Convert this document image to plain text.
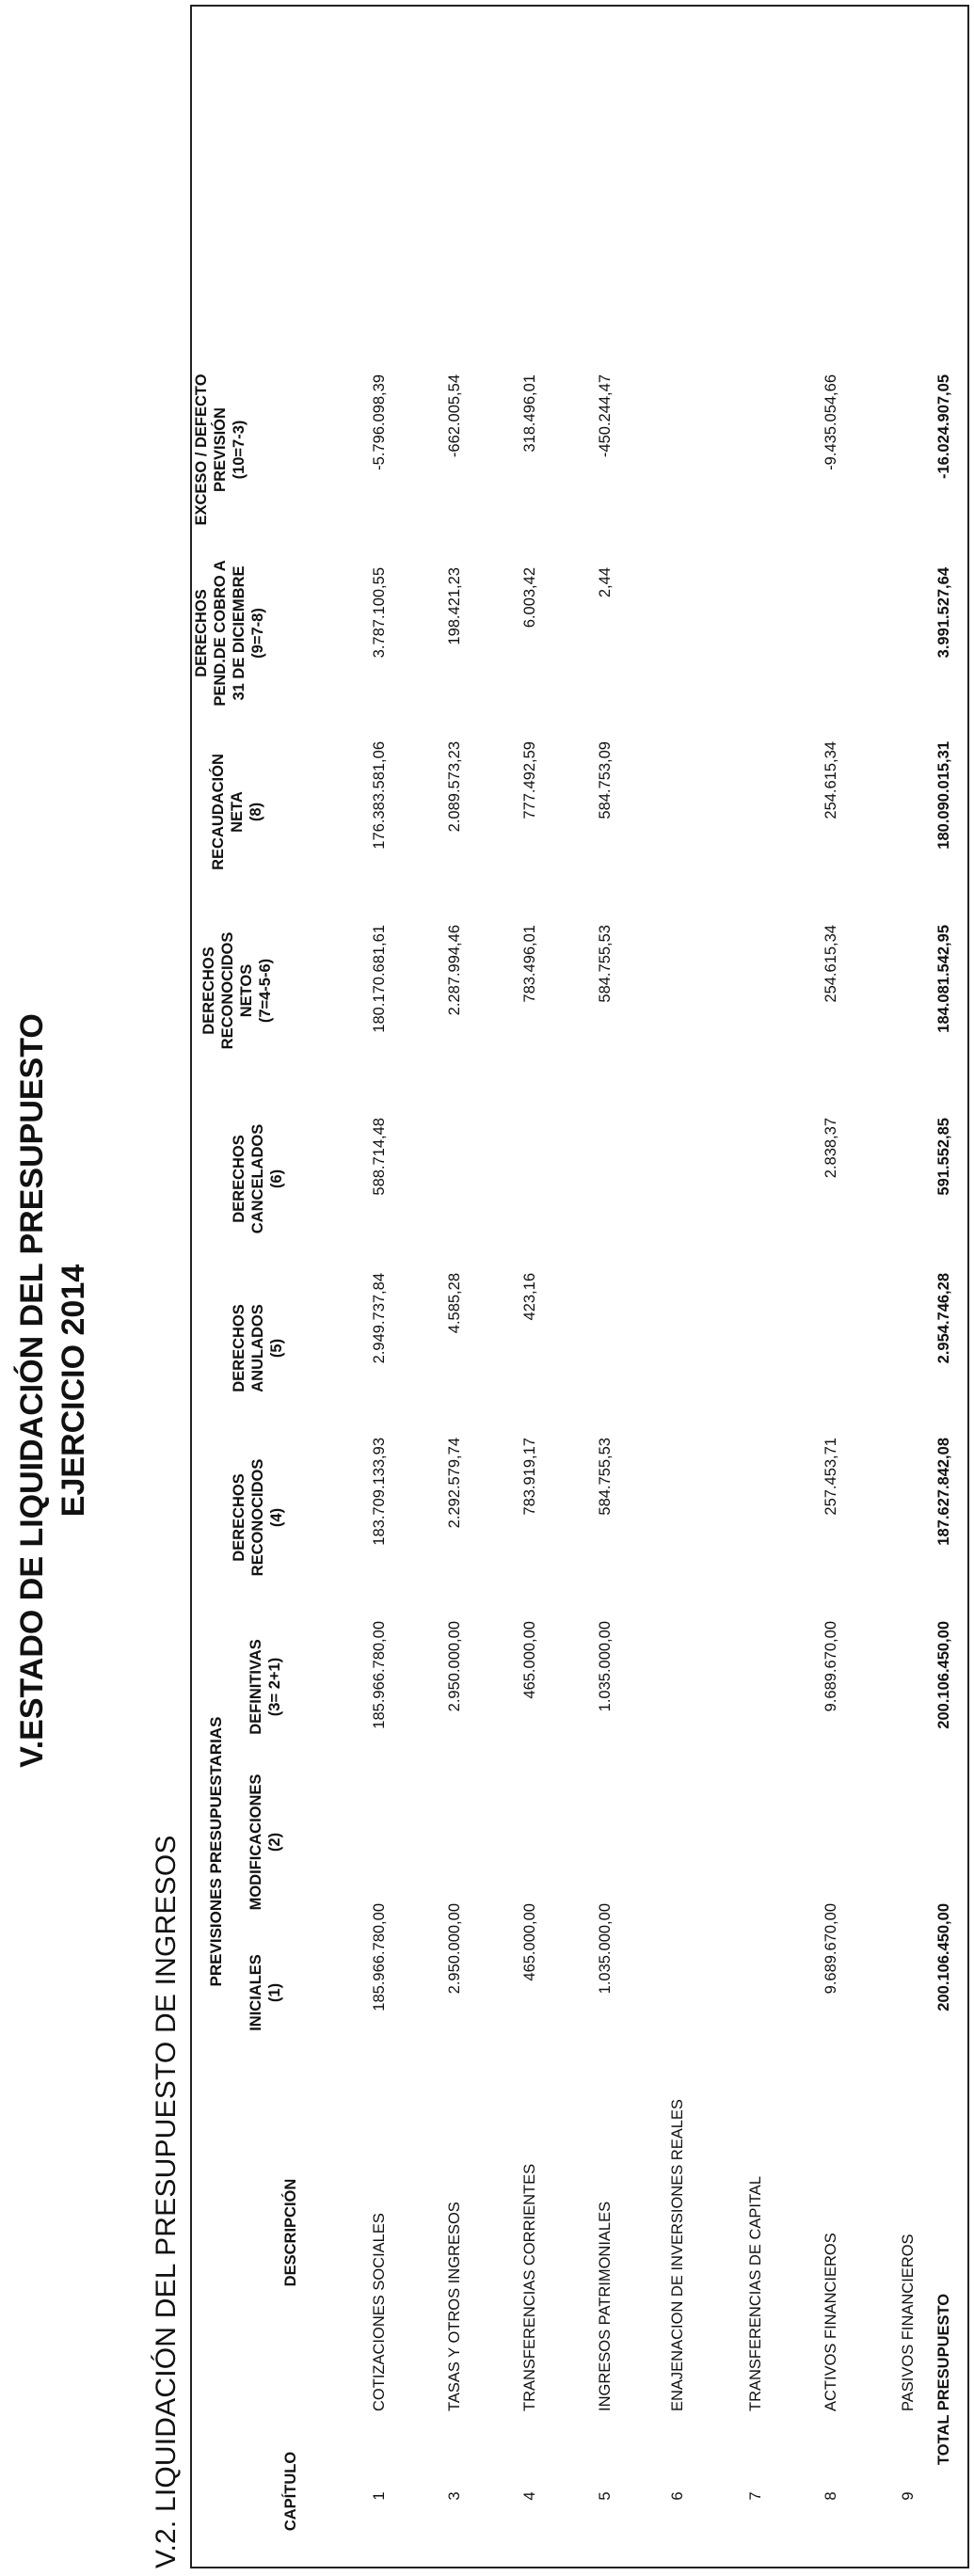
V.ESTADO DE LIQUIDACIÓN DEL PRESUPUESTO EJERCICIO 2014
V.2. LIQUIDACIÓN DEL PRESUPUESTO DE INGRESOS PREVISIONES PRESUPUESTARIAS
CAPÍTULO
DESCRIPCIÓN
INICIALES (1)
MODIFICACIONES (2)
DEFINITIVAS (3= 2+1)
DERECHOS RECONOCIDOS (4)
DERECHOS ANULADOS (5)
DERECHOS CANCELADOS (6)
DERECHOS RECONOCIDOS NETOS (7=4-5-6)
RECAUDACIÓN NETA (8)
DERECHOS PEND.DE COBRO A 31 DE DICIEMBRE (9=7-8)
EXCESO / DEFECTO PREVISIÓN (10=7-3)
1
COTIZACIONES SOCIALES
185.966.780,00
185.966.780,00
183.709.133,93
2.949.737,84
588.714,48
180.170.681,61
176.383.581,06
3.787.100,55
-5.796.098,39
3
TASAS Y OTROS INGRESOS
2.950.000,00
2.950.000,00
2.292.579,74
4.585,28
2.287.994,46
2.089.573,23
198.421,23
-662.005,54
4
TRANSFERENCIAS CORRIENTES
465.000,00
465.000,00
783.919,17
423,16
783.496,01
777.492,59
6.003,42
318.496,01
5
INGRESOS PATRIMONIALES
1.035.000,00
1.035.000,00
584.755,53
584.755,53
584.753,09
2,44
-450.244,47
6
ENAJENACION DE INVERSIONES REALES
7
TRANSFERENCIAS DE CAPITAL
8
ACTIVOS FINANCIEROS
9.689.670,00
9.689.670,00
257.453,71
2.838,37
254.615,34
254.615,34
-9.435.054,66
9
PASIVOS FINANCIEROS TOTAL PRESUPUESTO
200.106.450,00
200.106.450,00
187.627.842,08
2.954.746,28
591.552,85
184.081.542,95
180.090.015,31
3.991.527,64
-16.024.907,05
